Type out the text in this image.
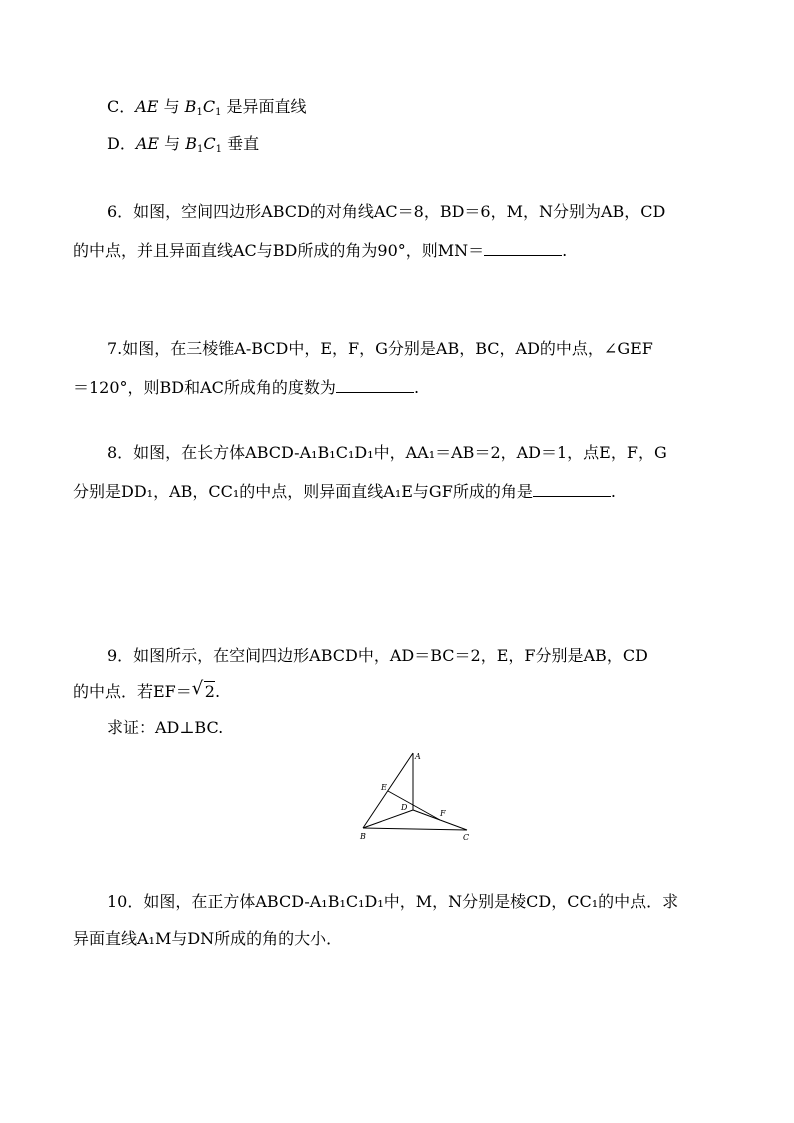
C．AE 与 $B_1C_1$ 是异面直线
D．AE 与 $B_1C_1$ 垂直
6．如图，空间四边形ABCD的对角线AC＝8，BD＝6，M，N分别为AB，CD
的中点，并且异面直线AC与BD所成的角为90°，则MN＝	.
7.如图，在三棱锥A-BCD中，E，F，G分别是AB，BC，AD的中点，∠GEF
＝120°，则BD和AC所成角的度数为	.
8．如图，在长方体ABCD-A₁B₁C₁D₁中，AA₁＝AB＝2，AD＝1，点E，F，G
分别是DD₁，AB，CC₁的中点，则异面直线A₁E与GF所成的角是	.
9．如图所示，在空间四边形ABCD中，AD＝BC＝2，E，F分别是AB，CD
的中点．若EF＝ √ 2.
求证：AD⊥BC.
A
B	C
D
E
F
10．如图，在正方体ABCD-A₁B₁C₁D₁中，M，N分别是棱CD，CC₁的中点．求
异面直线A₁M与DN所成的角的大小．
